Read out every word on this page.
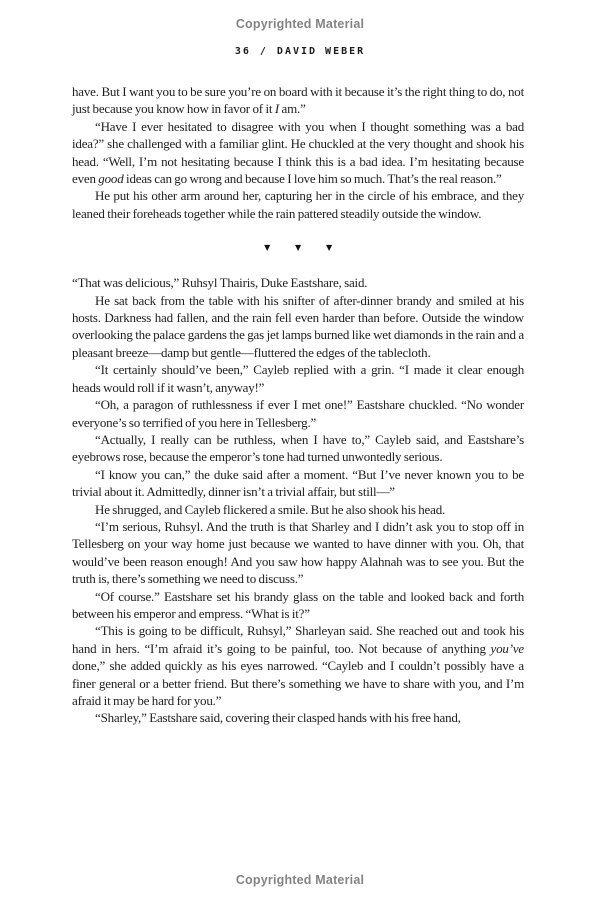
Copyrighted Material
36 / DAVID WEBER

have. But I want you to be sure you’re on board with it because it’s the right thing to do, not just because you know how in favor of it I am.”

“Have I ever hesitated to disagree with you when I thought something was a bad idea?” she challenged with a familiar glint. He chuckled at the very thought and shook his head. “Well, I’m not hesitating because I think this is a bad idea. I’m hesitating because even good ideas can go wrong and because I love him so much. That’s the real reason.”

He put his other arm around her, capturing her in the circle of his embrace, and they leaned their foreheads together while the rain pattered steadily outside the window.

▼	▼	▼

“That was delicious,” Ruhsyl Thairis, Duke Eastshare, said.

He sat back from the table with his snifter of after-dinner brandy and smiled at his hosts. Darkness had fallen, and the rain fell even harder than before. Outside the window overlooking the palace gardens the gas jet lamps burned like wet diamonds in the rain and a pleasant breeze—damp but gentle—fluttered the edges of the tablecloth.

“It certainly should’ve been,” Cayleb replied with a grin. “I made it clear enough heads would roll if it wasn’t, anyway!”

“Oh, a paragon of ruthlessness if ever I met one!” Eastshare chuckled. “No wonder everyone’s so terrified of you here in Tellesberg.”

“Actually, I really can be ruthless, when I have to,” Cayleb said, and Eastshare’s eyebrows rose, because the emperor’s tone had turned unwontedly serious.

“I know you can,” the duke said after a moment. “But I’ve never known you to be trivial about it. Admittedly, dinner isn’t a trivial affair, but still—”

He shrugged, and Cayleb flickered a smile. But he also shook his head.

“I’m serious, Ruhsyl. And the truth is that Sharley and I didn’t ask you to stop off in Tellesberg on your way home just because we wanted to have dinner with you. Oh, that would’ve been reason enough! And you saw how happy Alahnah was to see you. But the truth is, there’s something we need to discuss.”

“Of course.” Eastshare set his brandy glass on the table and looked back and forth between his emperor and empress. “What is it?”

“This is going to be difficult, Ruhsyl,” Sharleyan said. She reached out and took his hand in hers. “I’m afraid it’s going to be painful, too. Not because of anything you’ve done,” she added quickly as his eyes narrowed. “Cayleb and I couldn’t possibly have a finer general or a better friend. But there’s something we have to share with you, and I’m afraid it may be hard for you.”

“Sharley,” Eastshare said, covering their clasped hands with his free hand,

Copyrighted Material
